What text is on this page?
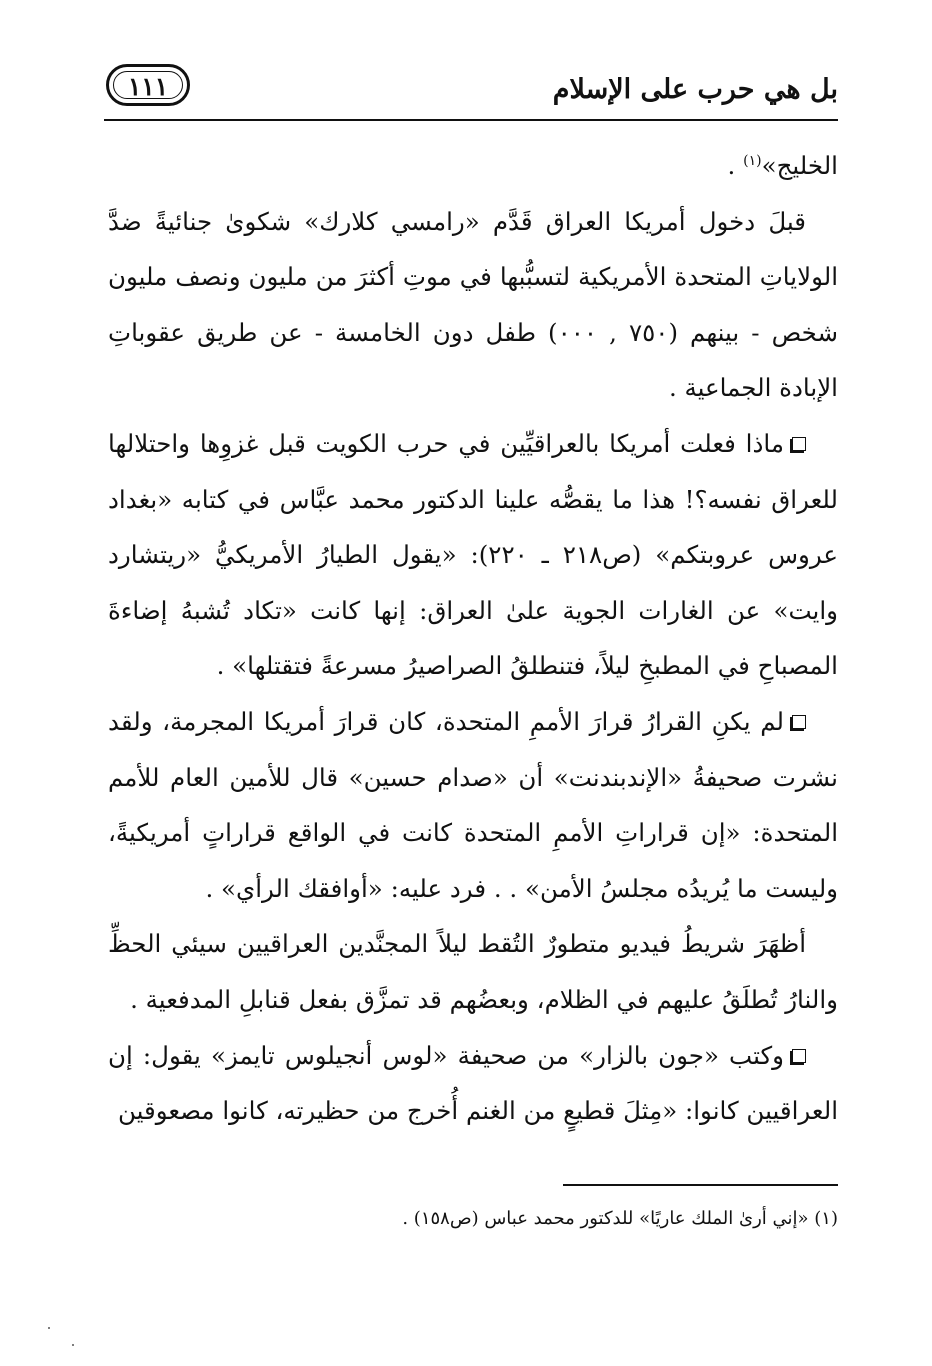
بل هي حرب على الإسلام
١١١

الخليج»$^{(١)}$ .

قبلَ دخول أمريكا العراق قَدَّم «رامسي كلارك» شكوىٰ جنائيةً ضدَّ الولاياتِ المتحدة الأمريكية لتسبُّبها في موتِ أكثرَ من مليون ونصف مليون شخص - بينهم (٧٥٠ , ٠٠٠) طفل دون الخامسة - عن طريق عقوباتِ الإبادة الجماعية .

ماذا فعلت أمريكا بالعراقيِّين في حرب الكويت قبل غزوِها واحتلالها للعراق نفسه؟! هذا ما يقصُّه علينا الدكتور محمد عبَّاس في كتابه «بغداد عروس عروبتكم» (ص٢١٨ ـ ٢٢٠): «يقول الطيارُ الأمريكيُّ «ريتشارد وايت» عن الغارات الجوية علىٰ العراق: إنها كانت «تكاد تُشبهُ إضاءةَ المصباحِ في المطبخِ ليلاً، فتنطلقُ الصراصيرُ مسرعةً فتقتلها» .

لم يكنِ القرارُ قرارَ الأممِ المتحدة، كان قرارَ أمريكا المجرمة، ولقد نشرت صحيفةُ «الإندبندنت» أن «صدام حسين» قال للأمين العام للأمم المتحدة: «إن قراراتِ الأممِ المتحدة كانت في الواقع قراراتٍ أمريكيةً، وليست ما يُريدُه مجلسُ الأمن» . . فرد عليه: «أوافقك الرأي» .

أظهَرَ شريطُ فيديو متطورٌ التُقط ليلاً المجنَّدين العراقيين سيئي الحظِّ والنارُ تُطلَقُ عليهم في الظلام، وبعضُهم قد تمزَّق بفعل قنابلِ المدفعية .

وكتب «جون بالزار» من صحيفة «لوس أنجيلوس تايمز» يقول: إن العراقيين كانوا: «مِثلَ قطيعٍ من الغنم أُخرج من حظيرته، كانوا مصعوقين

(١) «إني أرىٰ الملك عاريًا» للدكتور محمد عباس (ص١٥٨) .
